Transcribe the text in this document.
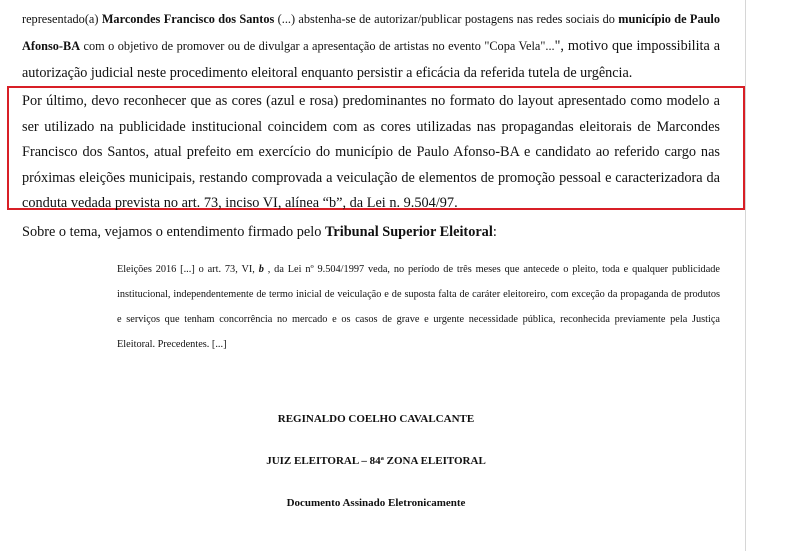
representado(a) Marcondes Francisco dos Santos (...) abstenha-se de autorizar/publicar postagens nas redes sociais do município de Paulo Afonso-BA com o objetivo de promover ou de divulgar a apresentação de artistas no evento "Copa Vela"...", motivo que impossibilita a autorização judicial neste procedimento eleitoral enquanto persistir a eficácia da referida tutela de urgência.
Por último, devo reconhecer que as cores (azul e rosa) predominantes no formato do layout apresentado como modelo a ser utilizado na publicidade institucional coincidem com as cores utilizadas nas propagandas eleitorais de Marcondes Francisco dos Santos, atual prefeito em exercício do município de Paulo Afonso-BA e candidato ao referido cargo nas próximas eleições municipais, restando comprovada a veiculação de elementos de promoção pessoal e caracterizadora da conduta vedada prevista no art. 73, inciso VI, alínea “b”, da Lei n. 9.504/97.
Sobre o tema, vejamos o entendimento firmado pelo Tribunal Superior Eleitoral:
Eleições 2016 [...] o art. 73, VI, b , da Lei nº 9.504/1997 veda, no período de três meses que antecede o pleito, toda e qualquer publicidade institucional, independentemente de termo inicial de veiculação e de suposta falta de caráter eleitoreiro, com exceção da propaganda de produtos e serviços que tenham concorrência no mercado e os casos de grave e urgente necessidade pública, reconhecida previamente pela Justiça Eleitoral. Precedentes. [...]
REGINALDO COELHO CAVALCANTE
JUIZ ELEITORAL – 84ª ZONA ELEITORAL
Documento Assinado Eletronicamente
